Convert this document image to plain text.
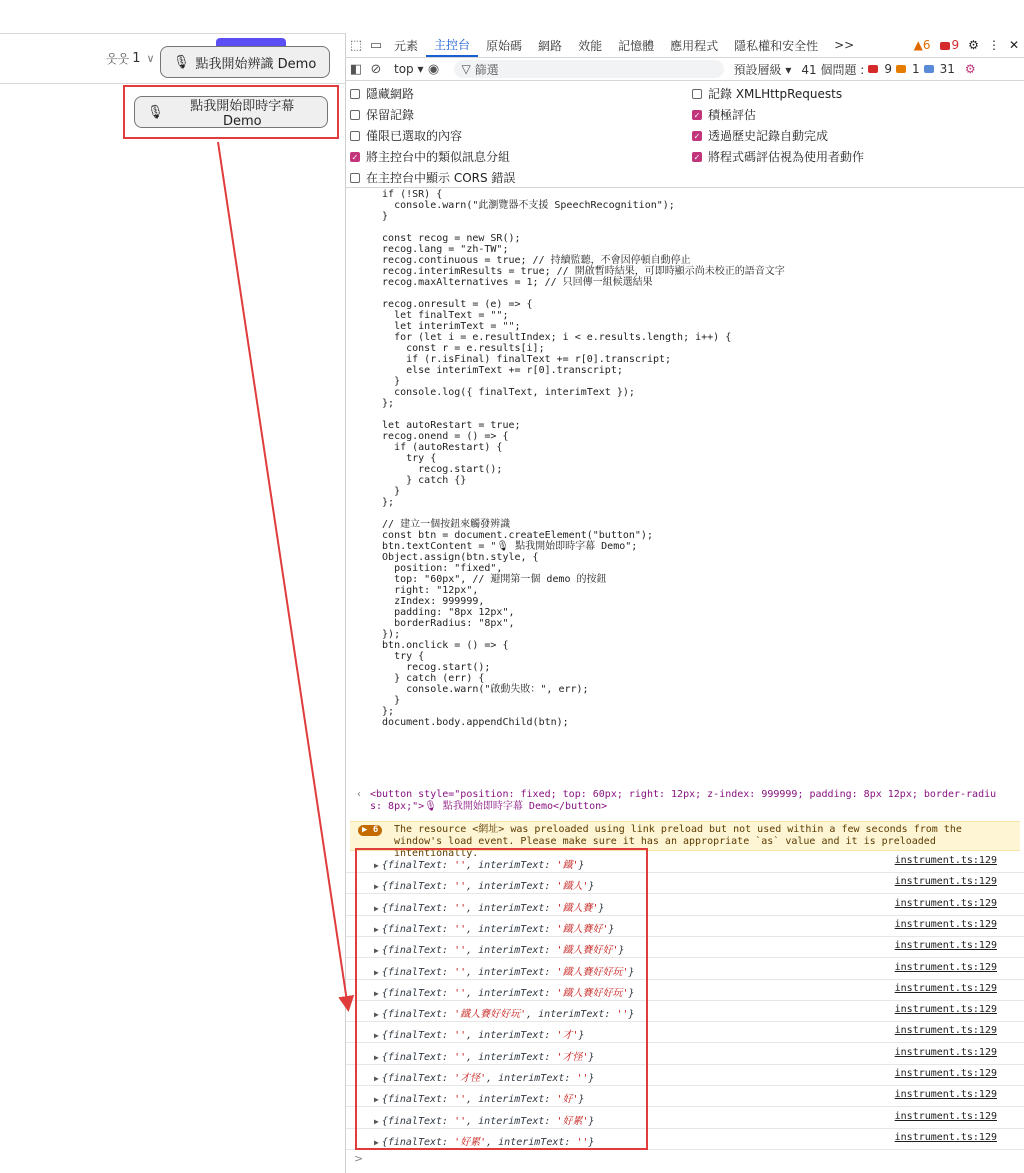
웃웃 1 ∨ 🎙 點我開始辨識 Demo
🎙	點我開始即時字幕 Demo
⬚ ▭ 元素	主控台	原始碼	網路	效能	記憶體	應用程式	隱私權和安全性	>>	▲6	9 ⚙ ⋮ ✕
◧ ⊘	top ▾ ◉	▽ 篩選	預設層級 ▾ 41 個問題 : 9 1 31 ⚙
隱藏網路
保留記錄
僅限已選取的內容
✓ 將主控台中的類似訊息分組
在主控台中顯示 CORS 錯誤
記錄 XMLHttpRequests
✓ 積極評估
✓ 透過歷史記錄自動完成
✓ 將程式碼評估視為使用者動作
if (!SR) {
console.warn("此瀏覽器不支援 SpeechRecognition");
}
const recog = new SR();
recog.lang = "zh-TW";
recog.continuous = true; // 持續監聽，不會因停頓自動停止
recog.interimResults = true; // 開啟暫時結果，可即時顯示尚未校正的語音文字
recog.maxAlternatives = 1; // 只回傳一組候選結果
recog.onresult = (e) => {
let finalText = "";
let interimText = "";
for (let i = e.resultIndex; i < e.results.length; i++) {
const r = e.results[i];
if (r.isFinal) finalText += r[0].transcript;
else interimText += r[0].transcript;
}
console.log({ finalText, interimText });
};
let autoRestart = true;
recog.onend = () => {
if (autoRestart) {
try {
recog.start();
} catch {}
}
};
// 建立一個按鈕來觸發辨識
const btn = document.createElement("button");
btn.textContent = "🎙 點我開始即時字幕 Demo";
Object.assign(btn.style, {
position: "fixed",
top: "60px", // 避開第一個 demo 的按鈕
right: "12px",
zIndex: 999999,
padding: "8px 12px",
borderRadius: "8px",
});
btn.onclick = () => {
try {
recog.start();
} catch (err) {
console.warn("啟動失敗：", err);
}
};
document.body.appendChild(btn);
‹ <button style="position: fixed; top: 60px; right: 12px; z-index: 999999; padding: 8px 12px; border-radiu
s: 8px;">🎙 點我開始即時字幕 Demo</button>
▶ 6	The resource <網址> was preloaded using link preload but not used within a few seconds from the window's load event. Please make sure it has an appropriate `as` value and it is preloaded intentionally.
▶ {finalText: '', interimText: '鐵'}	instrument.ts:129
▶ {finalText: '', interimText: '鐵人'}	instrument.ts:129
▶ {finalText: '', interimText: '鐵人賽'}	instrument.ts:129
▶ {finalText: '', interimText: '鐵人賽好'}	instrument.ts:129
▶ {finalText: '', interimText: '鐵人賽好好'}	instrument.ts:129
▶ {finalText: '', interimText: '鐵人賽好好玩'}	instrument.ts:129
▶ {finalText: '', interimText: '鐵人賽好好玩'}	instrument.ts:129
▶ {finalText: '鐵人賽好好玩', interimText: ''}	instrument.ts:129
▶ {finalText: '', interimText: '才'}	instrument.ts:129
▶ {finalText: '', interimText: '才怪'}	instrument.ts:129
▶ {finalText: '才怪', interimText: ''}	instrument.ts:129
▶ {finalText: '', interimText: '好'}	instrument.ts:129
▶ {finalText: '', interimText: '好累'}	instrument.ts:129
▶ {finalText: '好累', interimText: ''}	instrument.ts:129
>
